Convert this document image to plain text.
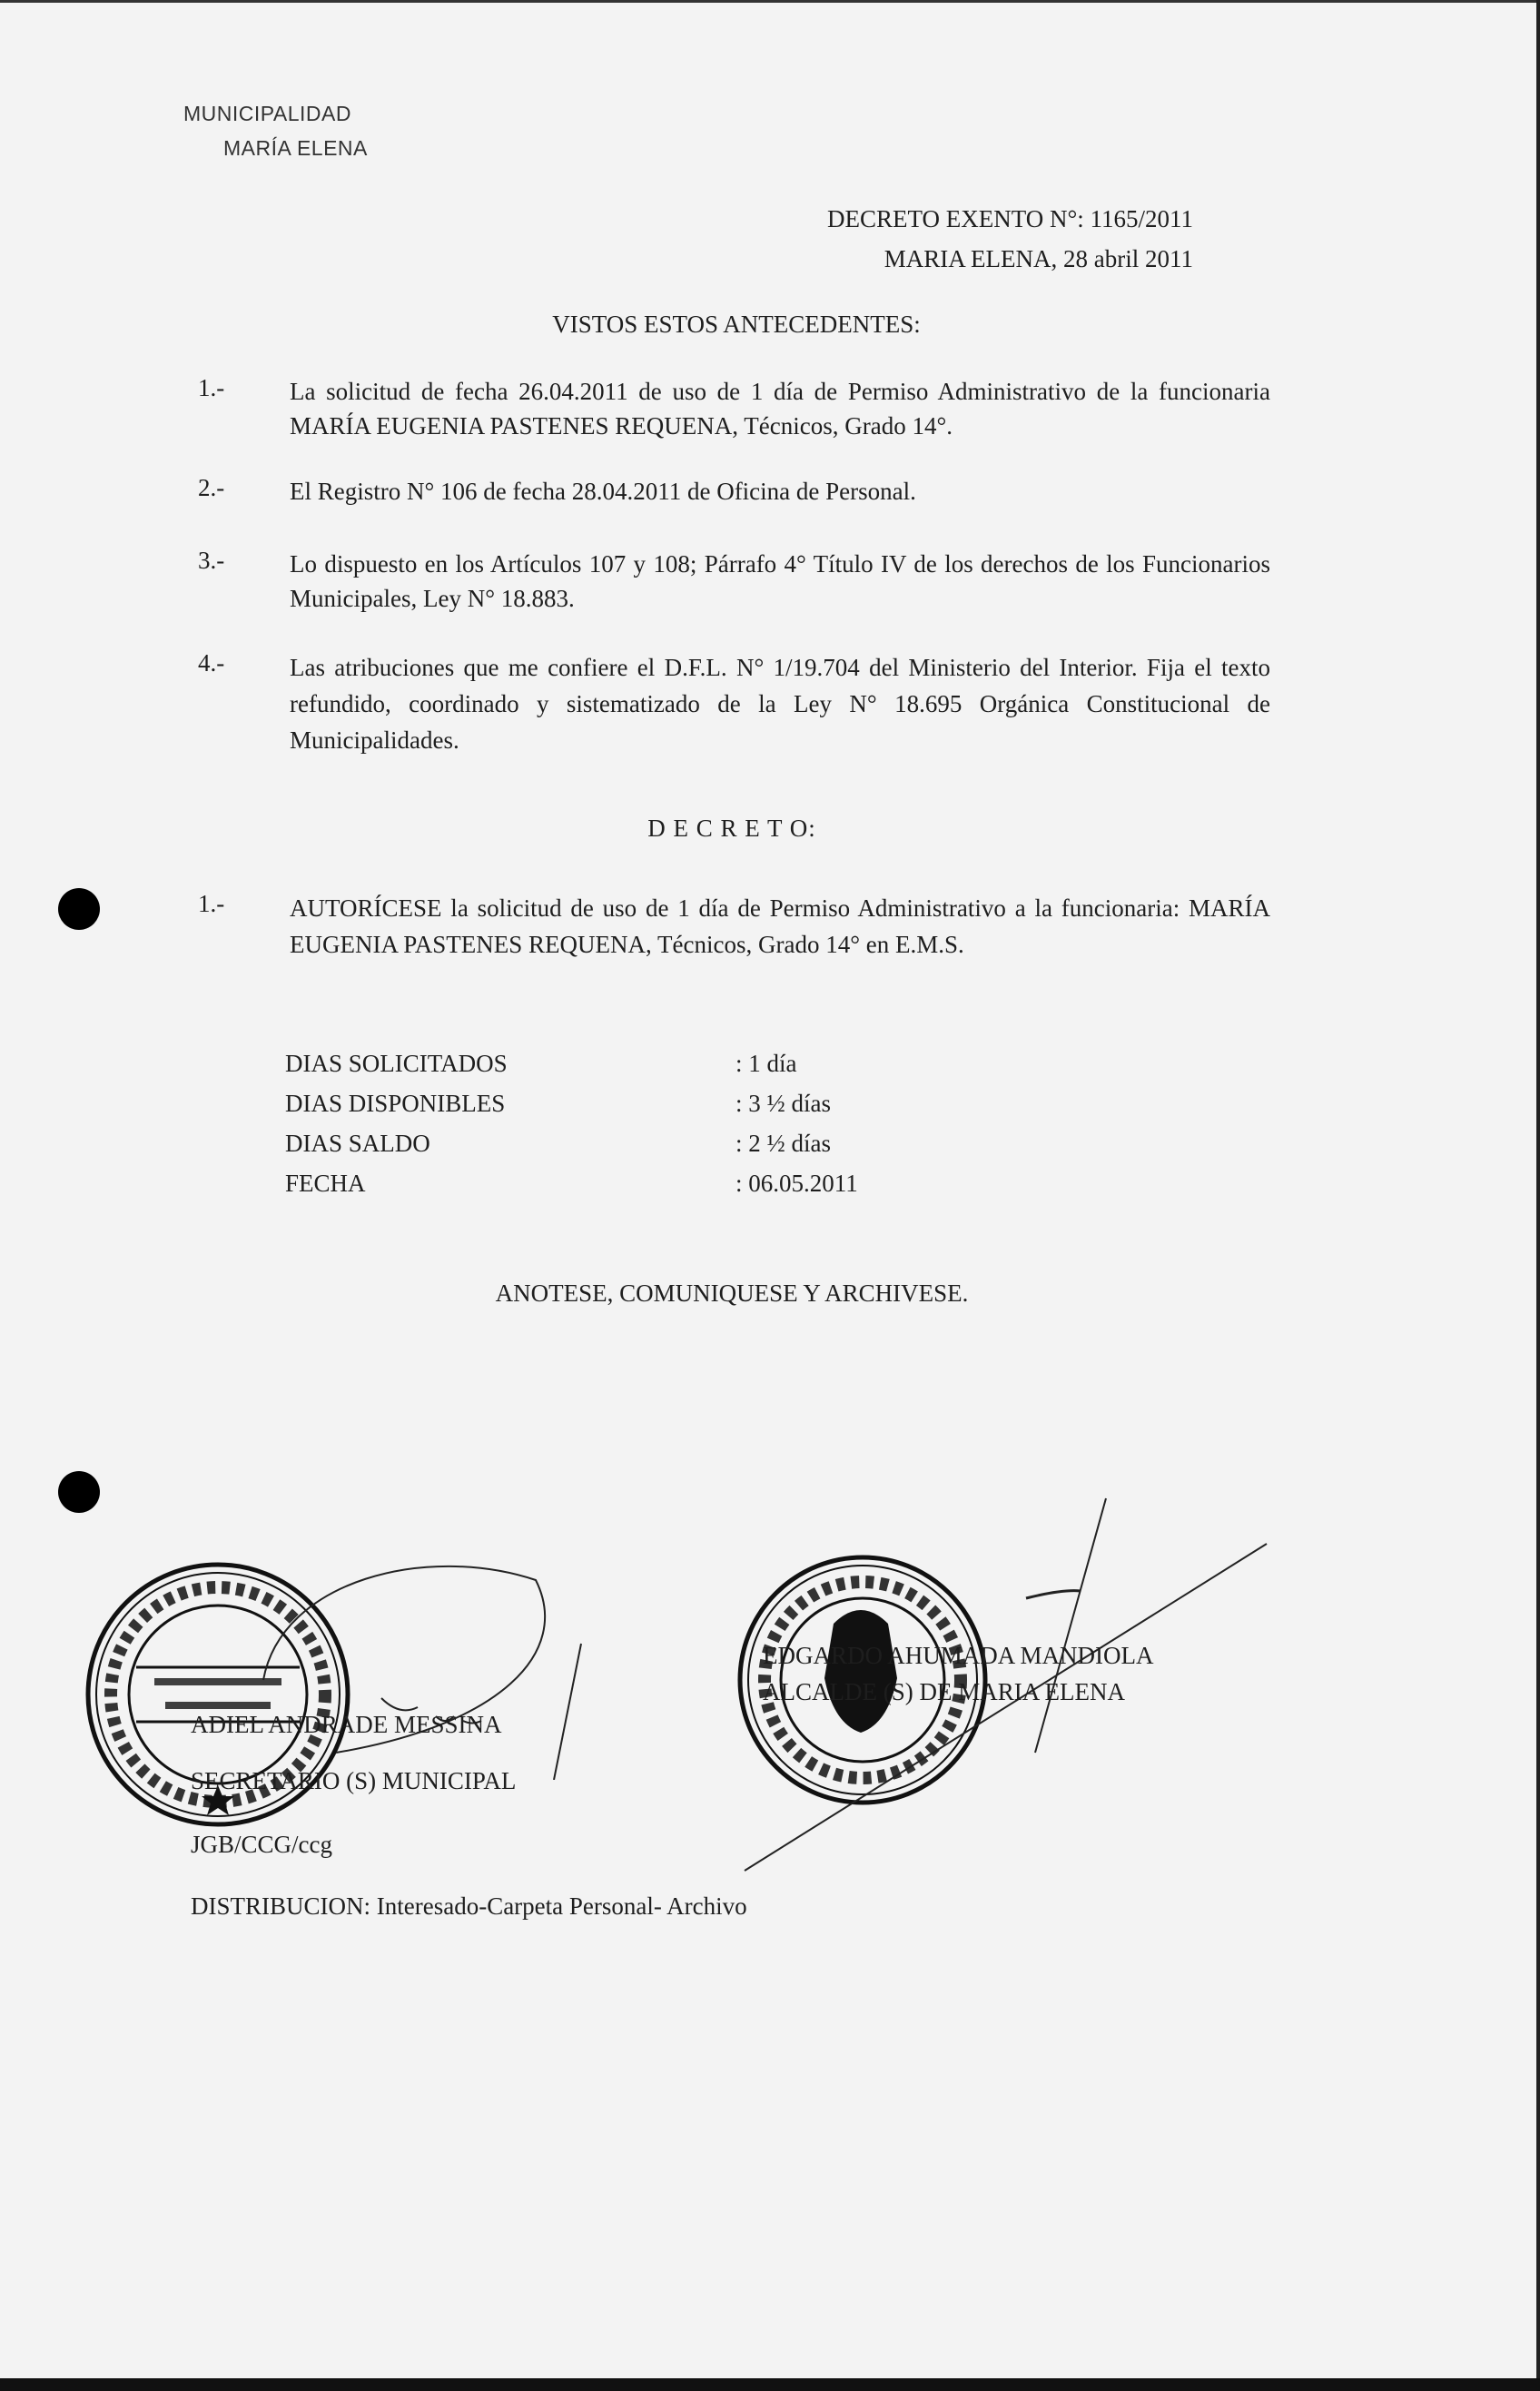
MUNICIPALIDAD
MARÍA ELENA
DECRETO EXENTO N°: 1165/2011
MARIA ELENA, 28 abril 2011
VISTOS ESTOS ANTECEDENTES:
1.-	La solicitud de fecha 26.04.2011 de uso de 1 día de Permiso Administrativo de la funcionaria MARÍA EUGENIA PASTENES REQUENA, Técnicos, Grado 14°.
2.-	El Registro N° 106 de fecha 28.04.2011 de Oficina de Personal.
3.-	Lo dispuesto en los Artículos 107 y 108; Párrafo 4° Título IV de los derechos de los Funcionarios Municipales, Ley N° 18.883.
4.-	Las atribuciones que me confiere el D.F.L. N° 1/19.704 del Ministerio del Interior. Fija el texto refundido, coordinado y sistematizado de la Ley N° 18.695 Orgánica Constitucional de Municipalidades.
D E C R E T O:
1.-	AUTORÍCESE la solicitud de uso de 1 día de Permiso Administrativo a la funcionaria: MARÍA EUGENIA PASTENES REQUENA, Técnicos, Grado 14° en E.M.S.
DIAS SOLICITADOS	: 1 día
DIAS DISPONIBLES	: 3 ½ días
DIAS SALDO	: 2 ½ días
FECHA	: 06.05.2011
ANOTESE, COMUNIQUESE Y ARCHIVESE.
ADIEL ANDRADE MESSINA
SECRETARIO (S) MUNICIPAL
EDGARDO AHUMADA MANDIOLA
ALCALDE (S) DE MARIA ELENA
JGB/CCG/ccg
DISTRIBUCION: Interesado-Carpeta Personal- Archivo
